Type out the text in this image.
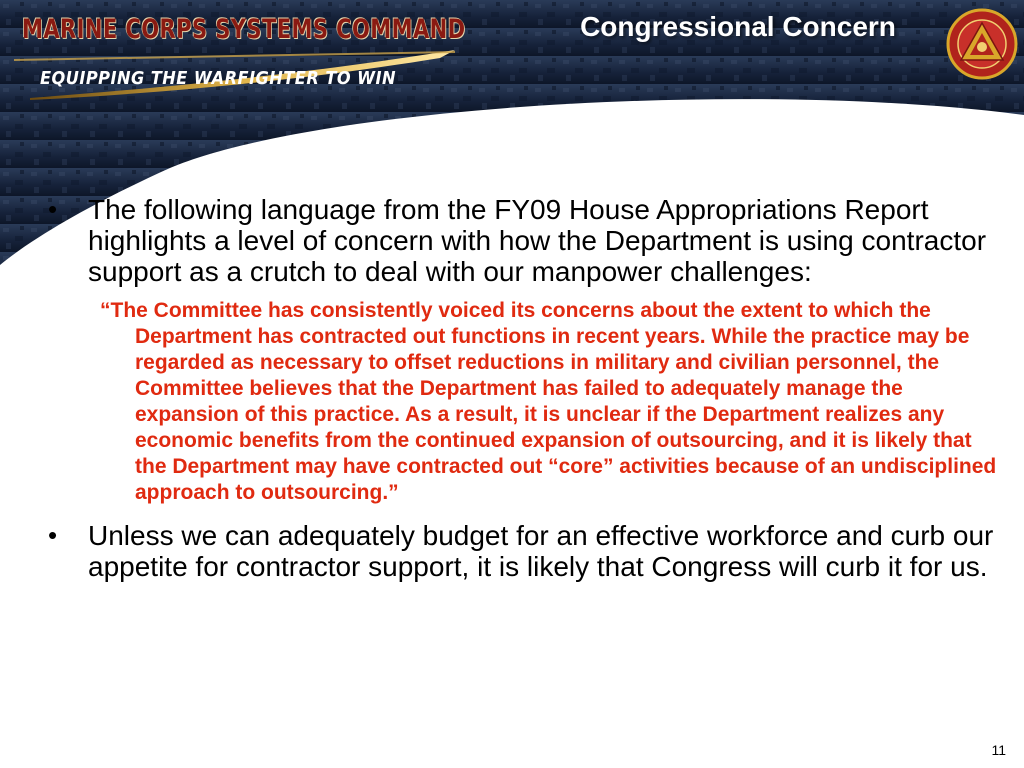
MARINE CORPS SYSTEMS COMMAND
EQUIPPING THE WARFIGHTER TO WIN
Congressional Concern
• The following language from the FY09 House Appropriations Report highlights a level of concern with how the Department is using contractor support as a crutch to deal with our manpower challenges:
“The Committee has consistently voiced its concerns about the extent to which the Department has contracted out functions in recent years. While the practice may be regarded as necessary to offset reductions in military and civilian personnel, the Committee believes that the Department has failed to adequately manage the expansion of this practice. As a result, it is unclear if the Department realizes any economic benefits from the continued expansion of outsourcing, and it is likely that the Department may have contracted out “core” activities because of an undisciplined approach to outsourcing.”
• Unless we can adequately budget for an effective workforce and curb our appetite for contractor support, it is likely that Congress will curb it for us.
11
